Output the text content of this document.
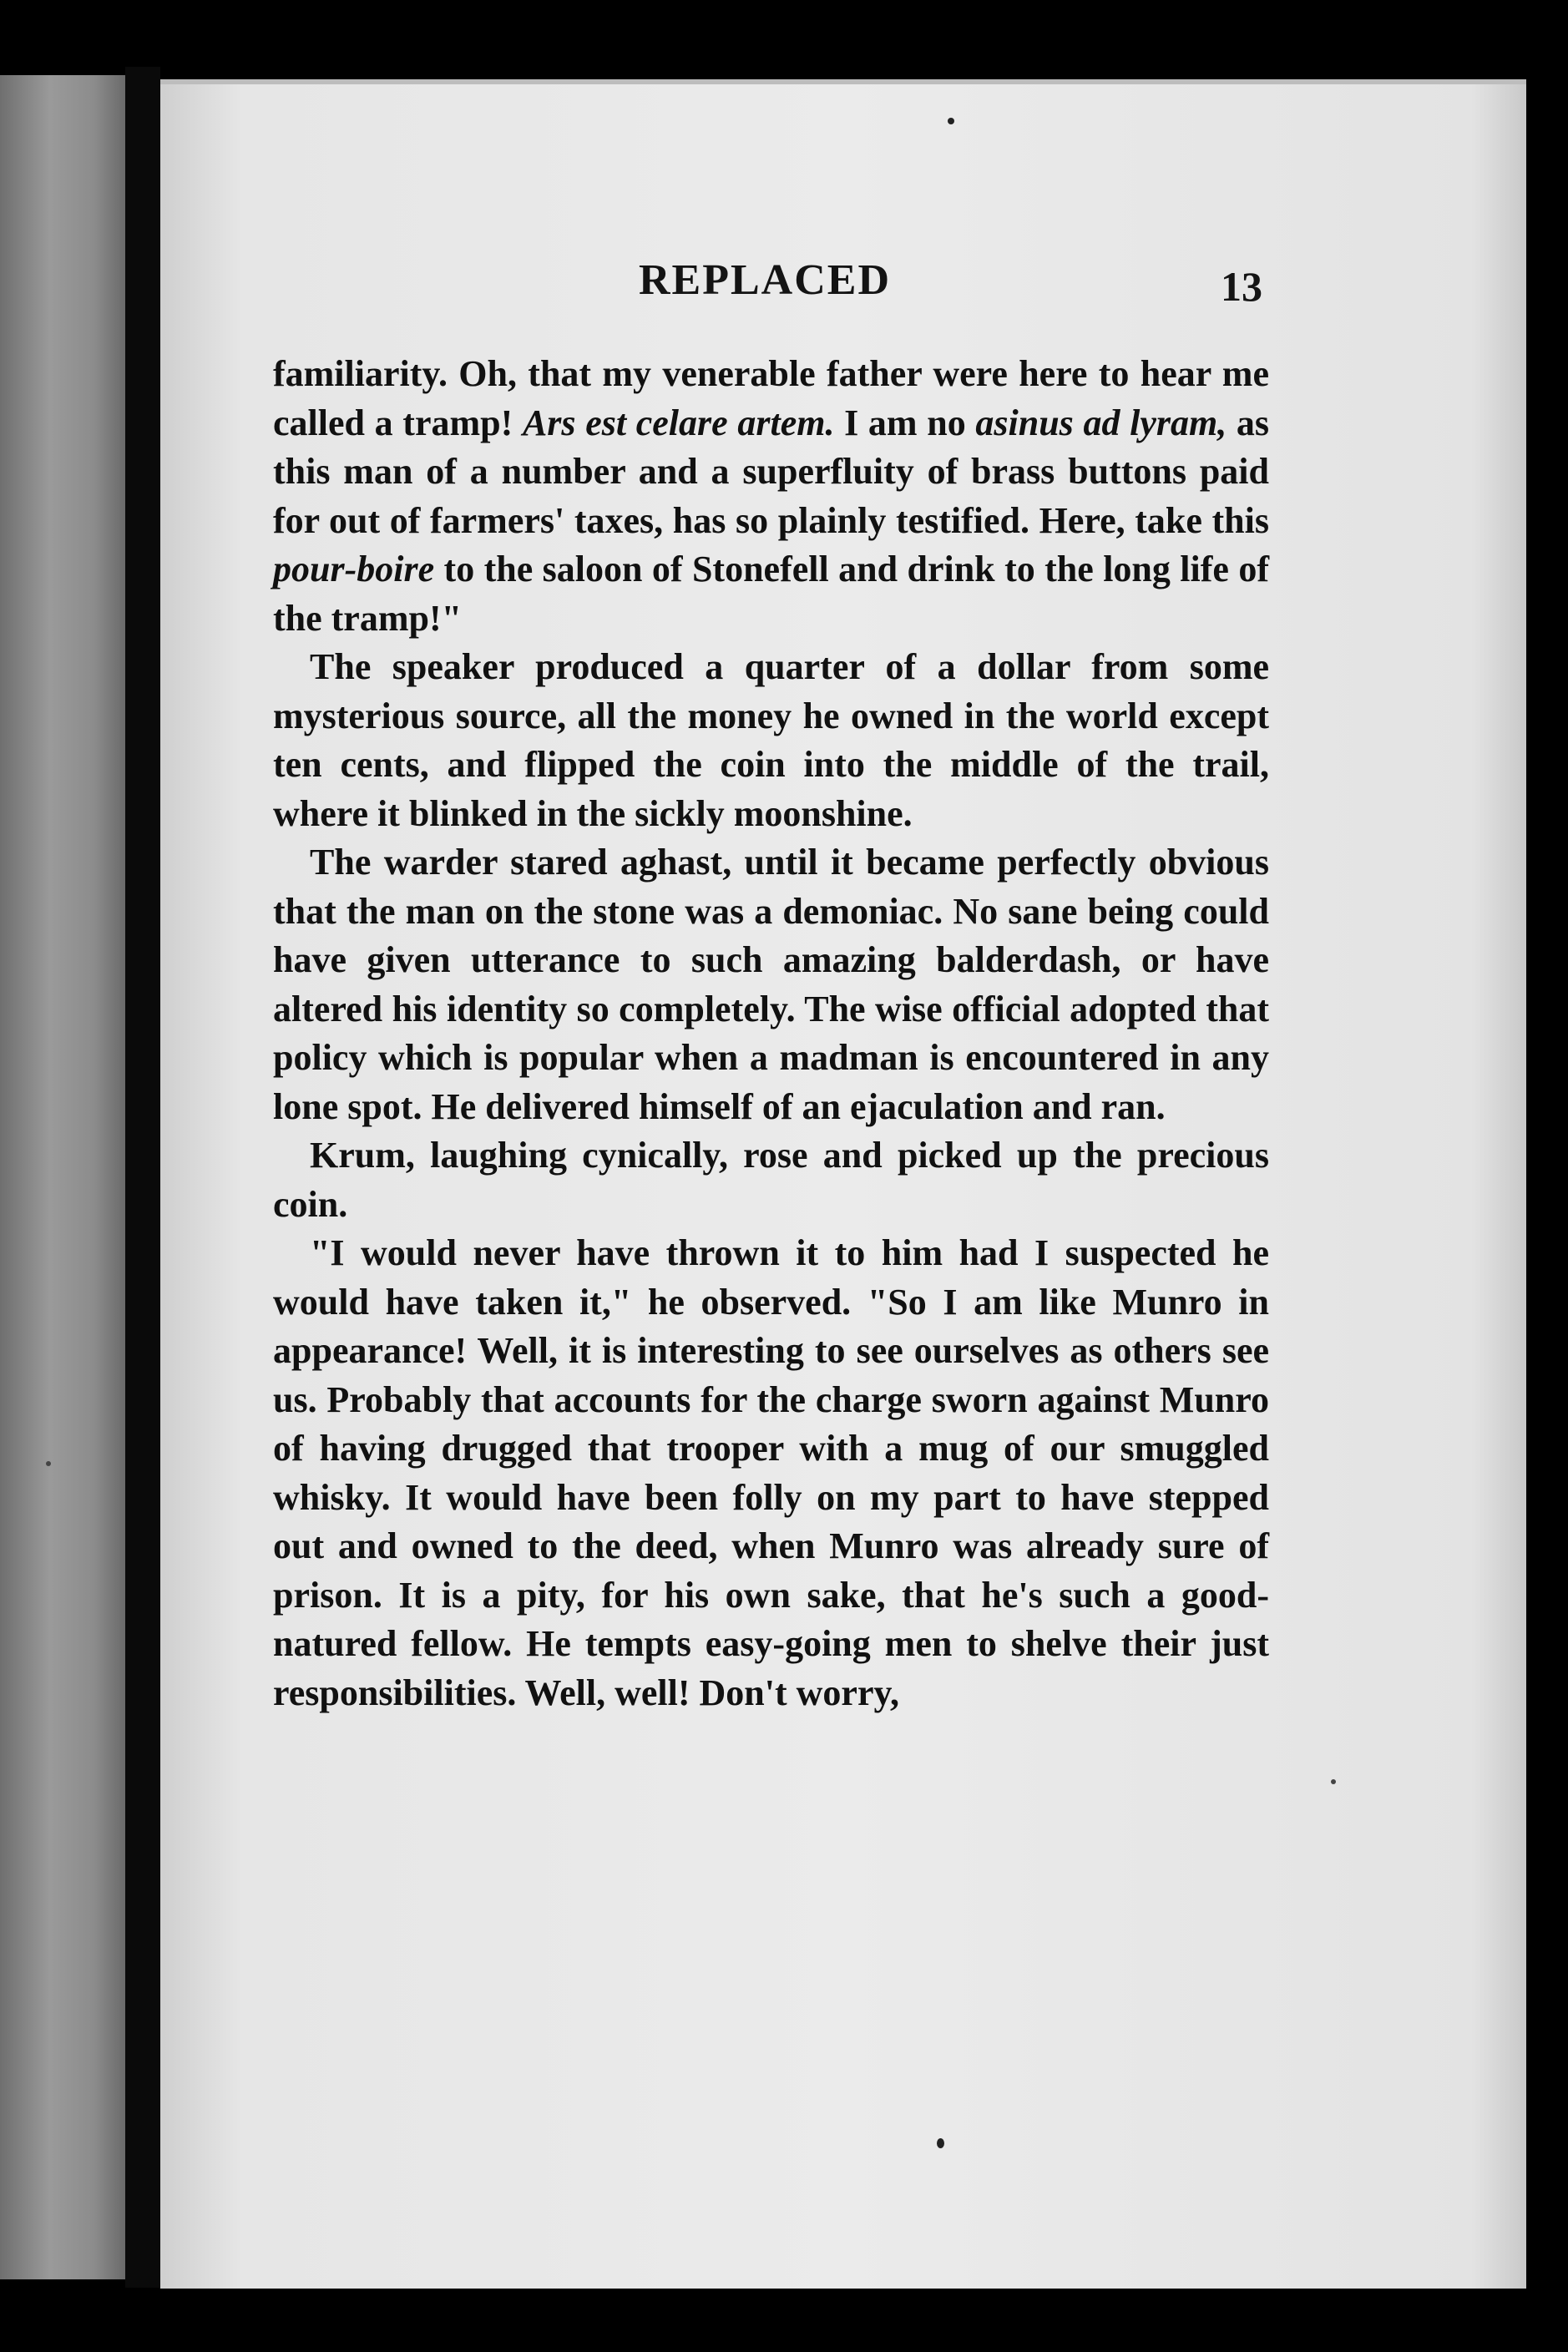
REPLACED	13

familiarity. Oh, that my venerable father were here to hear me called a tramp! Ars est celare artem. I am no asinus ad lyram, as this man of a number and a superfluity of brass buttons paid for out of farmers' taxes, has so plainly testified. Here, take this pour-boire to the saloon of Stonefell and drink to the long life of the tramp!"

The speaker produced a quarter of a dollar from some mysterious source, all the money he owned in the world except ten cents, and flipped the coin into the middle of the trail, where it blinked in the sickly moonshine.

The warder stared aghast, until it became perfectly obvious that the man on the stone was a demoniac. No sane being could have given utterance to such amazing balderdash, or have altered his identity so completely. The wise official adopted that policy which is popular when a madman is encountered in any lone spot. He delivered himself of an ejaculation and ran.

Krum, laughing cynically, rose and picked up the precious coin.

"I would never have thrown it to him had I suspected he would have taken it," he observed. "So I am like Munro in appearance! Well, it is interesting to see ourselves as others see us. Probably that accounts for the charge sworn against Munro of having drugged that trooper with a mug of our smuggled whisky. It would have been folly on my part to have stepped out and owned to the deed, when Munro was already sure of prison. It is a pity, for his own sake, that he's such a good-natured fellow. He tempts easy-going men to shelve their just responsibilities. Well, well! Don't worry,
